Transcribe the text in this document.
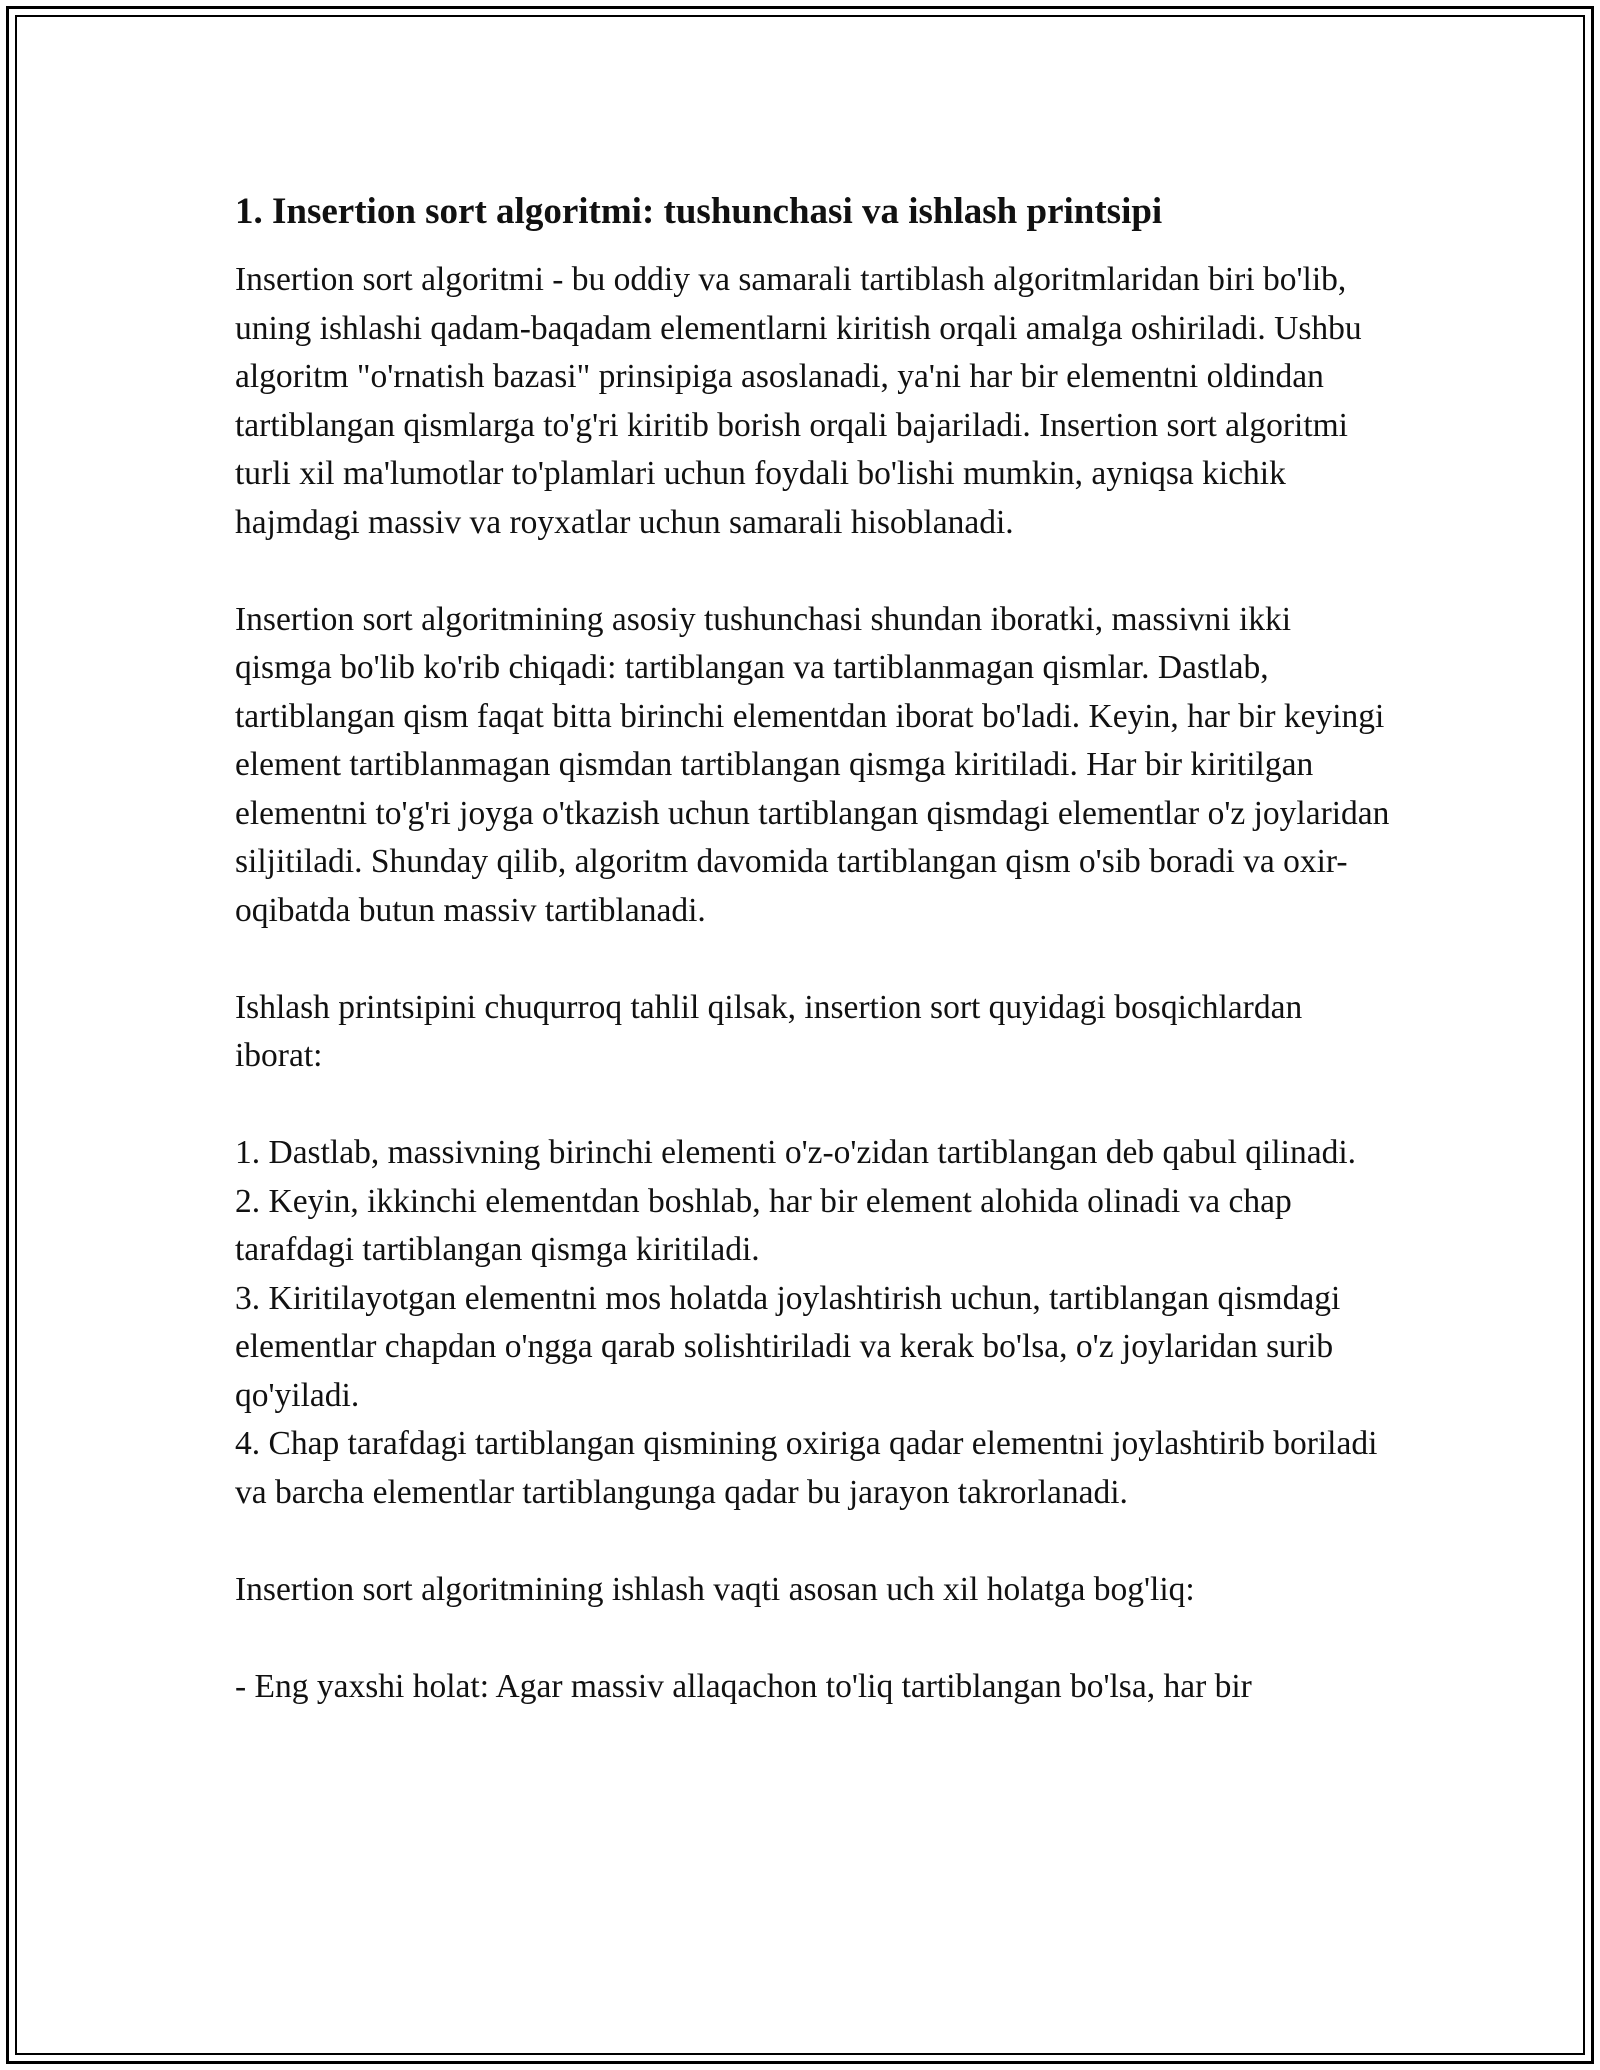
1. Insertion sort algoritmi: tushunchasi va ishlash printsipi

Insertion sort algoritmi - bu oddiy va samarali tartiblash algoritmlaridan biri bo'lib, uning ishlashi qadam-baqadam elementlarni kiritish orqali amalga oshiriladi. Ushbu algoritm "o'rnatish bazasi" prinsipiga asoslanadi, ya'ni har bir elementni oldindan tartiblangan qismlarga to'g'ri kiritib borish orqali bajariladi. Insertion sort algoritmi turli xil ma'lumotlar to'plamlari uchun foydali bo'lishi mumkin, ayniqsa kichik hajmdagi massiv va royxatlar uchun samarali hisoblanadi.

Insertion sort algoritmining asosiy tushunchasi shundan iboratki, massivni ikki qismga bo'lib ko'rib chiqadi: tartiblangan va tartiblanmagan qismlar. Dastlab, tartiblangan qism faqat bitta birinchi elementdan iborat bo'ladi. Keyin, har bir keyingi element tartiblanmagan qismdan tartiblangan qismga kiritiladi. Har bir kiritilgan elementni to'g'ri joyga o'tkazish uchun tartiblangan qismdagi elementlar o'z joylaridan siljitiladi. Shunday qilib, algoritm davomida tartiblangan qism o'sib boradi va oxir-oqibatda butun massiv tartiblanadi.

Ishlash printsipini chuqurroq tahlil qilsak, insertion sort quyidagi bosqichlardan iborat:

1. Dastlab, massivning birinchi elementi o'z-o'zidan tartiblangan deb qabul qilinadi.

2. Keyin, ikkinchi elementdan boshlab, har bir element alohida olinadi va chap tarafdagi tartiblangan qismga kiritiladi.

3. Kiritilayotgan elementni mos holatda joylashtirish uchun, tartiblangan qismdagi elementlar chapdan o'ngga qarab solishtiriladi va kerak bo'lsa, o'z joylaridan surib qo'yiladi.

4. Chap tarafdagi tartiblangan qismining oxiriga qadar elementni joylashtirib boriladi va barcha elementlar tartiblangunga qadar bu jarayon takrorlanadi.

Insertion sort algoritmining ishlash vaqti asosan uch xil holatga bog'liq:

- Eng yaxshi holat: Agar massiv allaqachon to'liq tartiblangan bo'lsa, har bir
